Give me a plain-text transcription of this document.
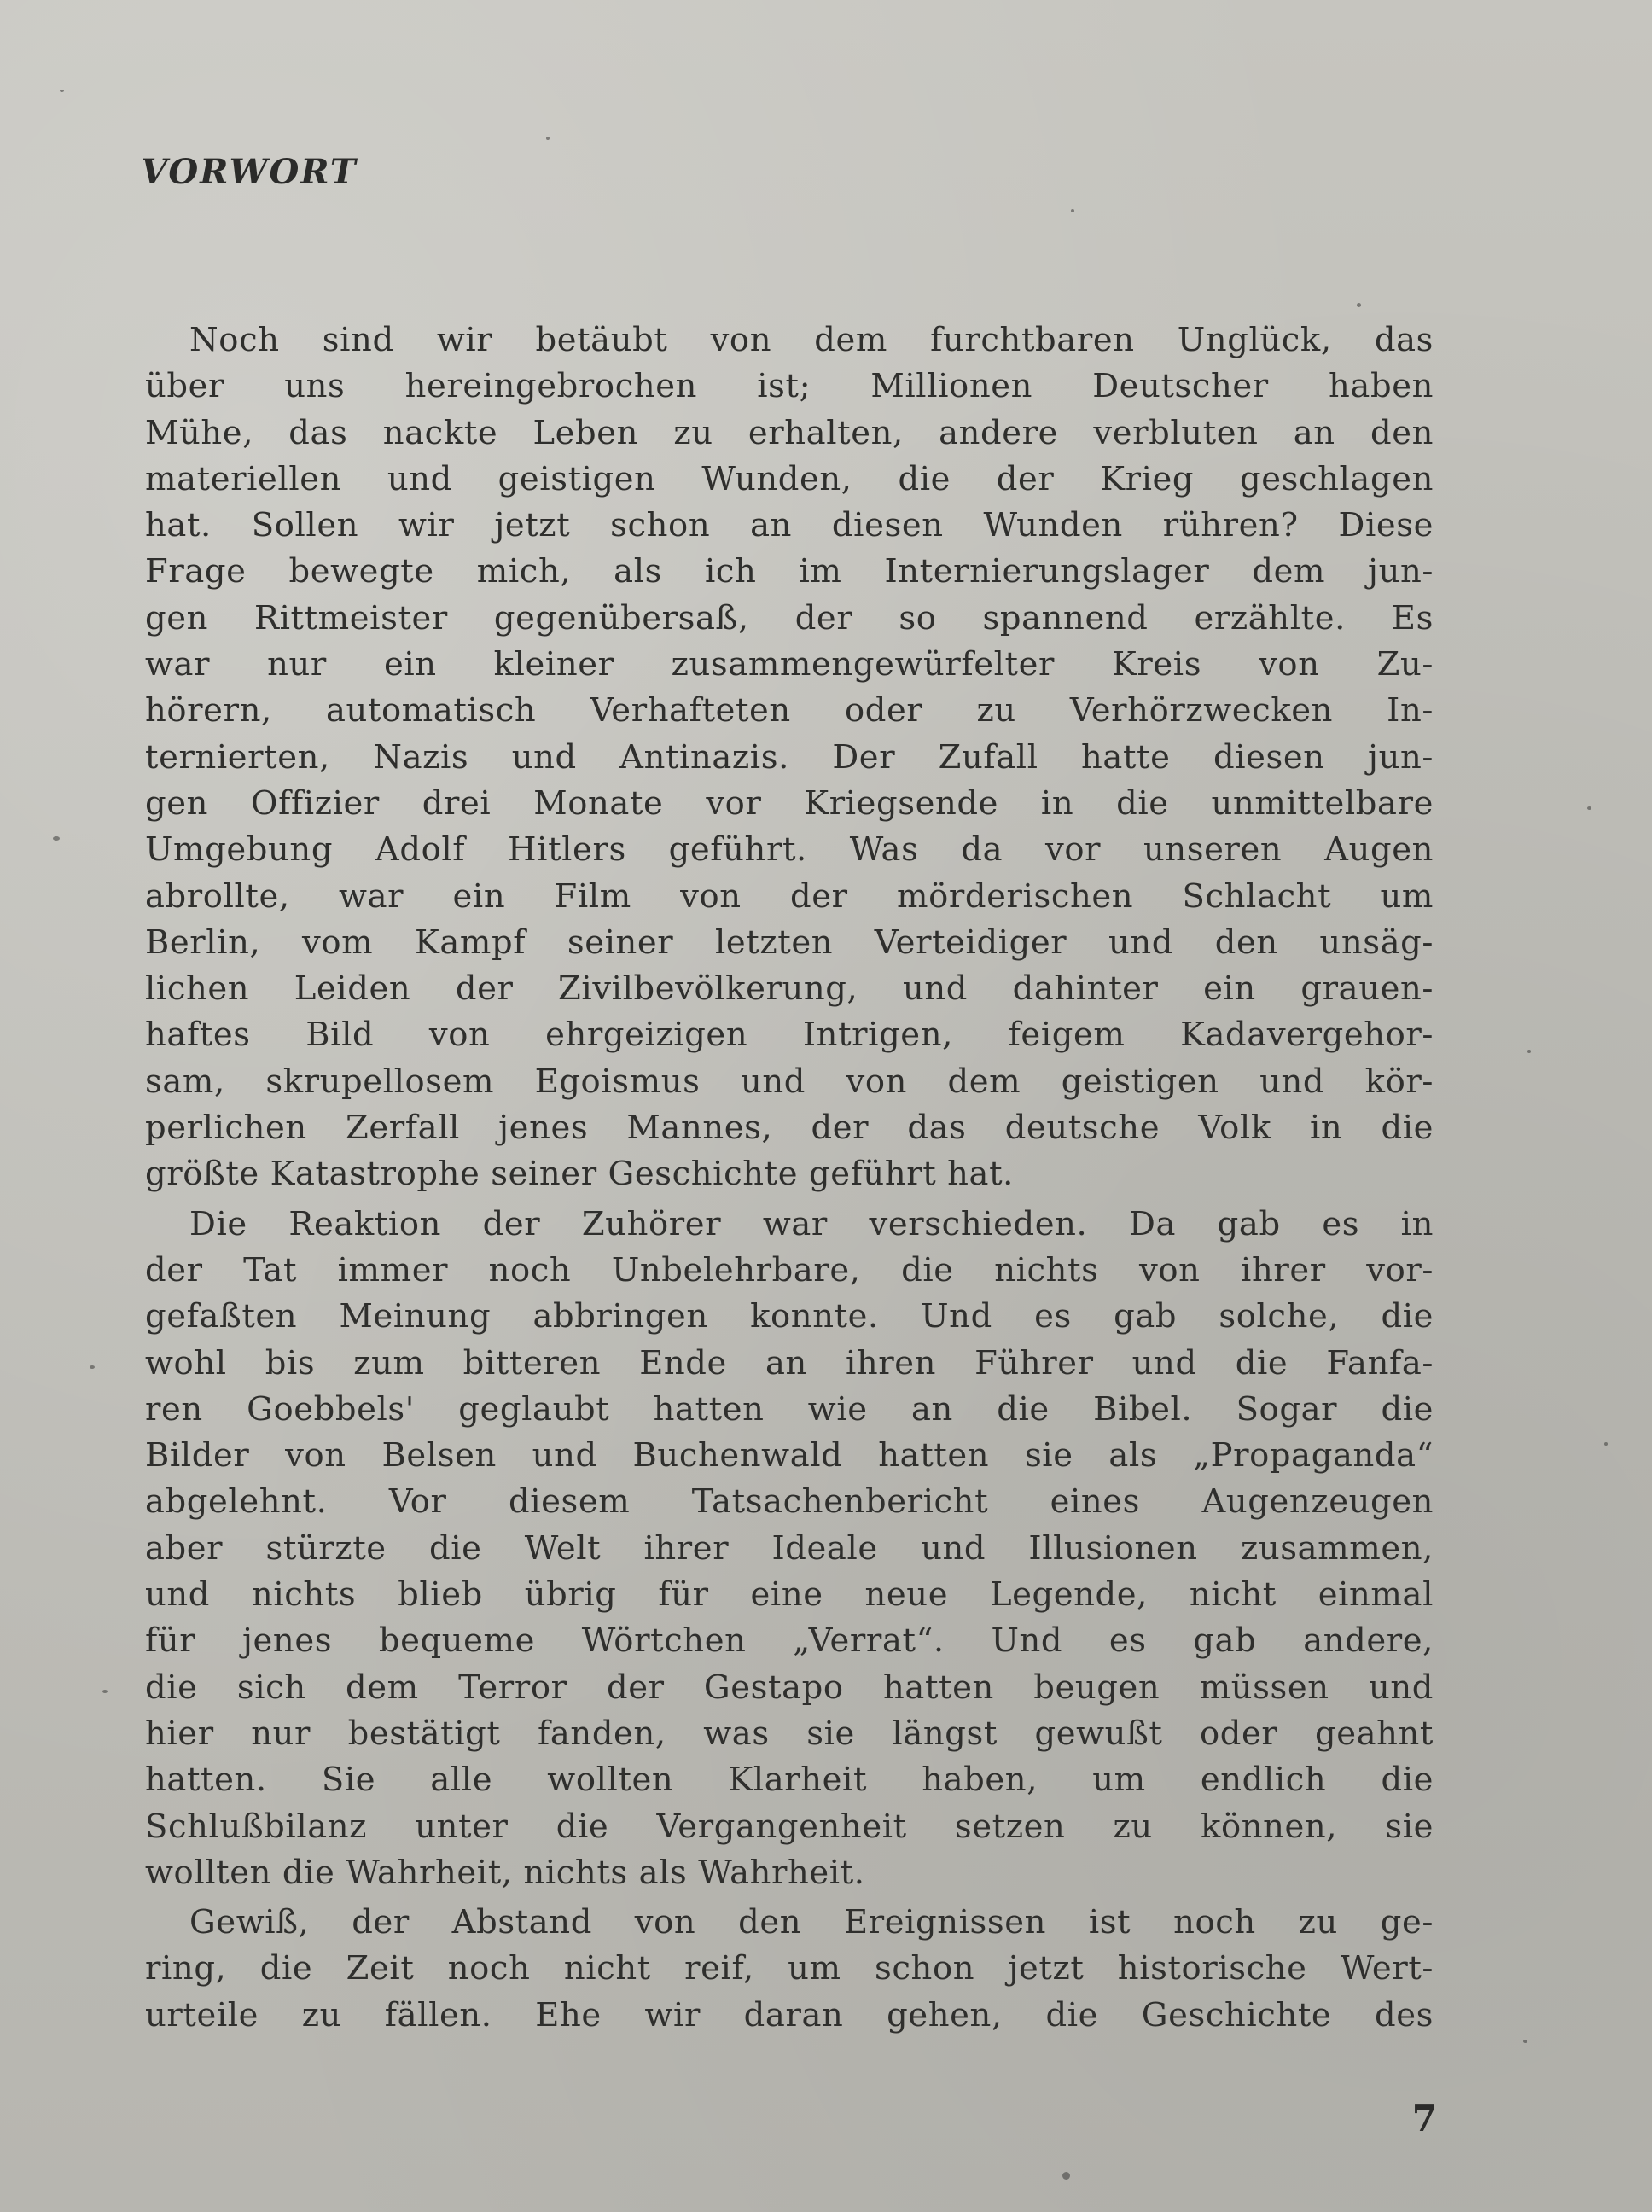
VORWORT

Noch sind wir betäubt von dem furchtbaren Unglück, das
über uns hereingebrochen ist; Millionen Deutscher haben
Mühe, das nackte Leben zu erhalten, andere verbluten an den
materiellen und geistigen Wunden, die der Krieg geschlagen
hat. Sollen wir jetzt schon an diesen Wunden rühren? Diese
Frage bewegte mich, als ich im Internierungslager dem jun-
gen Rittmeister gegenübersaß, der so spannend erzählte. Es
war nur ein kleiner zusammengewürfelter Kreis von Zu-
hörern, automatisch Verhafteten oder zu Verhörzwecken In-
ternierten, Nazis und Antinazis. Der Zufall hatte diesen jun-
gen Offizier drei Monate vor Kriegsende in die unmittelbare
Umgebung Adolf Hitlers geführt. Was da vor unseren Augen
abrollte, war ein Film von der mörderischen Schlacht um
Berlin, vom Kampf seiner letzten Verteidiger und den unsäg-
lichen Leiden der Zivilbevölkerung, und dahinter ein grauen-
haftes Bild von ehrgeizigen Intrigen, feigem Kadavergehor-
sam, skrupellosem Egoismus und von dem geistigen und kör-
perlichen Zerfall jenes Mannes, der das deutsche Volk in die
größte Katastrophe seiner Geschichte geführt hat.

Die Reaktion der Zuhörer war verschieden. Da gab es in
der Tat immer noch Unbelehrbare, die nichts von ihrer vor-
gefaßten Meinung abbringen konnte. Und es gab solche, die
wohl bis zum bitteren Ende an ihren Führer und die Fanfa-
ren Goebbels' geglaubt hatten wie an die Bibel. Sogar die
Bilder von Belsen und Buchenwald hatten sie als „Propaganda“
abgelehnt. Vor diesem Tatsachenbericht eines Augenzeugen
aber stürzte die Welt ihrer Ideale und Illusionen zusammen,
und nichts blieb übrig für eine neue Legende, nicht einmal
für jenes bequeme Wörtchen „Verrat“. Und es gab andere,
die sich dem Terror der Gestapo hatten beugen müssen und
hier nur bestätigt fanden, was sie längst gewußt oder geahnt
hatten. Sie alle wollten Klarheit haben, um endlich die
Schlußbilanz unter die Vergangenheit setzen zu können, sie
wollten die Wahrheit, nichts als Wahrheit.

Gewiß, der Abstand von den Ereignissen ist noch zu ge-
ring, die Zeit noch nicht reif, um schon jetzt historische Wert-
urteile zu fällen. Ehe wir daran gehen, die Geschichte des

7
